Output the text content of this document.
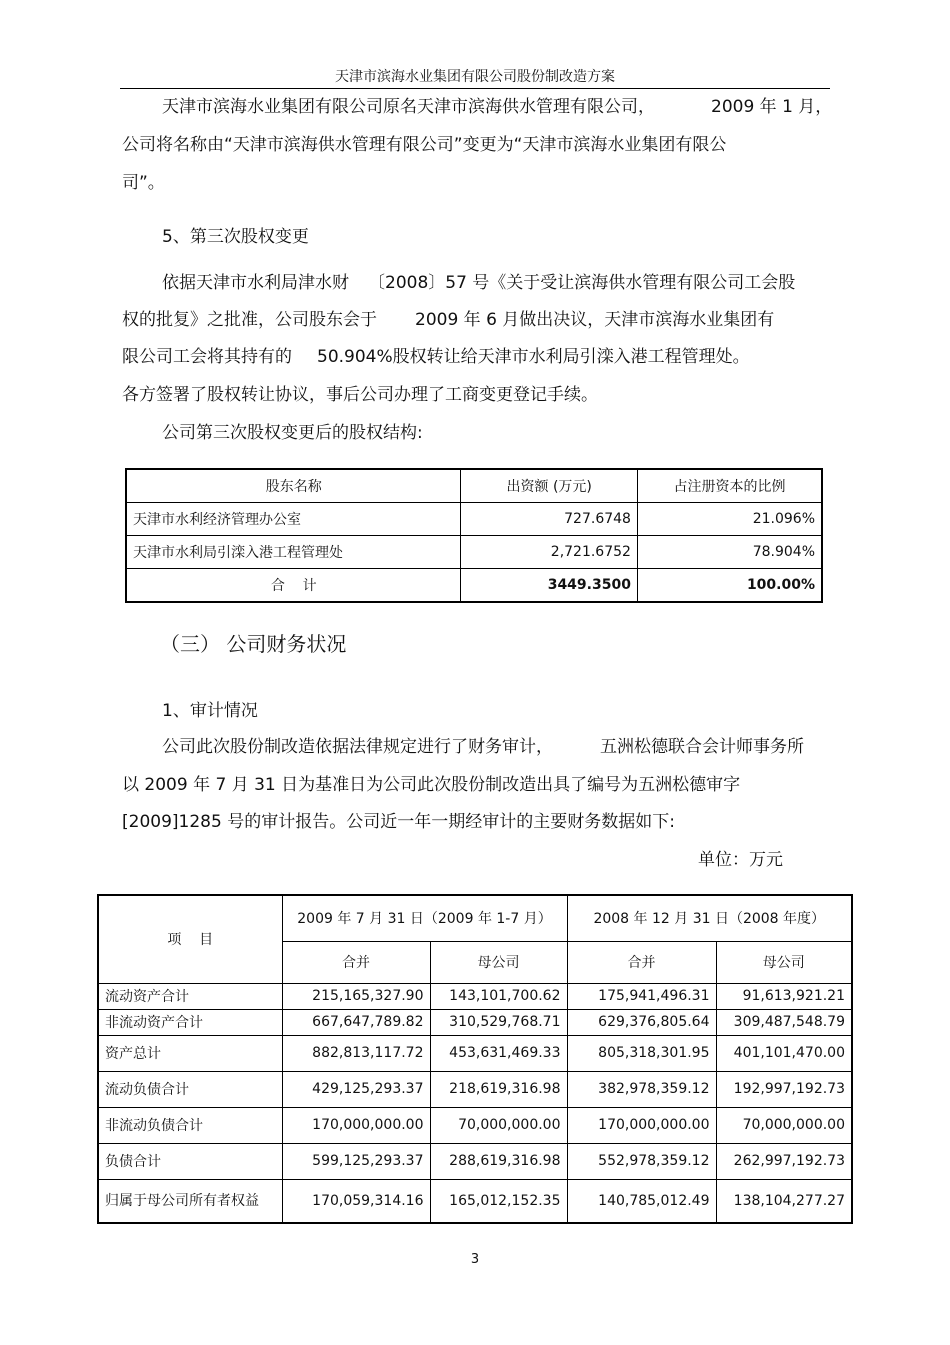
天津市滨海水业集团有限公司股份制改造方案
天津市滨海水业集团有限公司原名天津市滨海供水管理有限公司，	2009 年 1 月，
公司将名称由“天津市滨海供水管理有限公司”变更为“天津市滨海水业集团有限公
司”。
5、第三次股权变更
依据天津市水利局津水财 〔2008〕57 号《关于受让滨海供水管理有限公司工会股
权的批复》之批准，公司股东会于 2009 年 6 月做出决议，天津市滨海水业集团有
限公司工会将其持有的 50.904%股权转让给天津市水利局引滦入港工程管理处。
各方签署了股权转让协议，事后公司办理了工商变更登记手续。
公司第三次股权变更后的股权结构:
股东名称	出资额 (万元)	占注册资本的比例
天津市水利经济管理办公室	727.6748	21.096%
天津市水利局引滦入港工程管理处	2,721.6752	78.904%
合    计	3449.3500	100.00%
（三） 公司财务状况
1、审计情况
公司此次股份制改造依据法律规定进行了财务审计，	五洲松德联合会计师事务所
以 2009 年 7 月 31 日为基准日为公司此次股份制改造出具了编号为五洲松德审字
[2009]1285 号的审计报告。公司近一年一期经审计的主要财务数据如下:
单位：万元
项    目	2009 年 7 月 31 日（2009 年 1-7 月）		2008 年 12 月 31 日（2008 年度）	
	合并	母公司	合并	母公司
流动资产合计	215,165,327.90	143,101,700.62	175,941,496.31	91,613,921.21
非流动资产合计	667,647,789.82	310,529,768.71	629,376,805.64	309,487,548.79
资产总计	882,813,117.72	453,631,469.33	805,318,301.95	401,101,470.00
流动负债合计	429,125,293.37	218,619,316.98	382,978,359.12	192,997,192.73
非流动负债合计	170,000,000.00	70,000,000.00	170,000,000.00	70,000,000.00
负债合计	599,125,293.37	288,619,316.98	552,978,359.12	262,997,192.73
归属于母公司所有者权益	170,059,314.16	165,012,152.35	140,785,012.49	138,104,277.27
3
